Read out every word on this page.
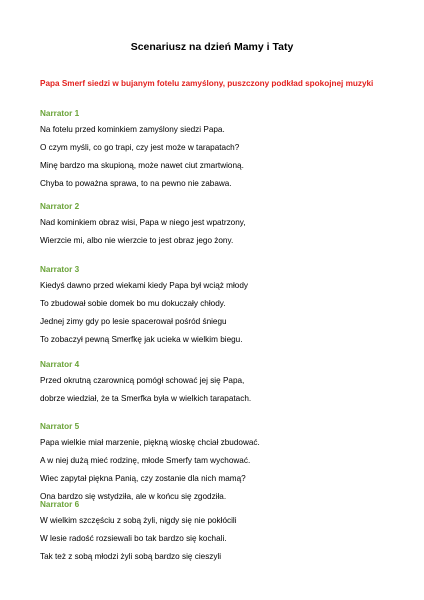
Scenariusz na dzień Mamy i Taty
Papa Smerf siedzi w bujanym fotelu zamyślony, puszczony podkład spokojnej muzyki
Narrator 1
Na fotelu przed kominkiem zamyślony siedzi Papa.
O czym myśli, co go trapi, czy jest może w tarapatach?
Minę bardzo ma skupioną, może nawet ciut zmartwioną.
Chyba to poważna sprawa, to na pewno nie zabawa.
Narrator 2
Nad kominkiem obraz wisi, Papa w niego jest wpatrzony,
Wierzcie mi, albo nie wierzcie to jest obraz jego żony.
Narrator 3
Kiedyś dawno przed wiekami kiedy Papa był wciąż młody
To zbudował sobie domek bo mu dokuczały chłody.
Jednej zimy gdy po lesie spacerował pośród śniegu
To zobaczył pewną Smerfkę jak ucieka w wielkim biegu.
Narrator 4
Przed okrutną czarownicą pomógł schować jej się Papa,
dobrze wiedział, że ta Smerfka była w wielkich tarapatach.
Narrator 5
Papa wielkie miał marzenie, piękną wioskę chciał zbudować.
A w niej dużą mieć rodzinę, młode Smerfy tam wychować.
Wiec zapytał piękna Panią, czy zostanie dla nich mamą?
Ona bardzo się wstydziła, ale w końcu się zgodziła.
Narrator 6
W wielkim szczęściu z sobą żyli, nigdy się nie pokłócili
W lesie radość rozsiewali bo tak bardzo się kochali.
Tak też z sobą młodzi żyli sobą bardzo się cieszyli
